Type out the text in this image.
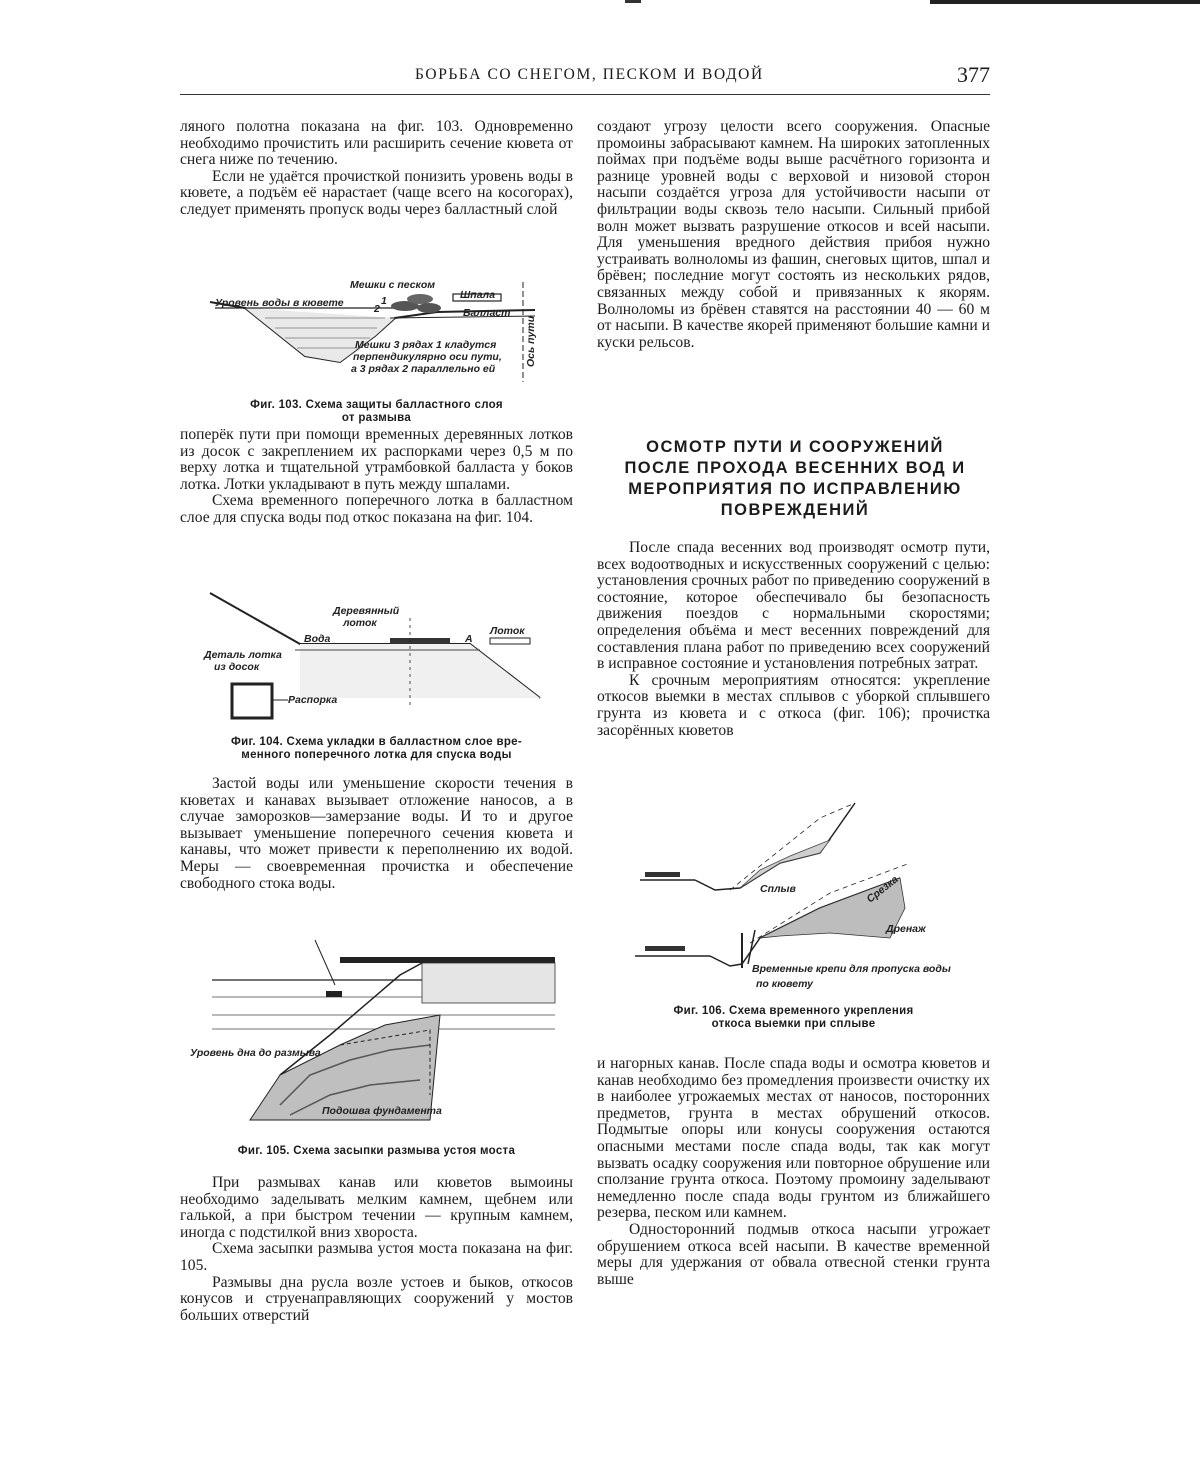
БОРЬБА СО СНЕГОМ, ПЕСКОМ И ВОДОЙ	377

ляного полотна показана на фиг. 103. Одновременно необходимо прочистить или расширить сечение кювета от снега ниже по течению.

Если не удаётся прочисткой понизить уровень воды в кювете, а подъём её нарастает (чаще всего на косогорах), следует применять пропуск воды через балластный слой

Уровень воды в кювете
Мешки с песком
Шпала
Балласт
Ось пути
1
2
Мешки 3 рядах 1 кладутся
перпендикулярно оси пути,
а 3 рядах 2 параллельно ей
Фиг. 103. Схема защиты балластного слоя
от размыва

поперёк пути при помощи временных деревянных лотков из досок с закреплением их распорками через 0,5 м по верху лотка и тщательной утрамбовкой балласта у боков лотка. Лотки укладывают в путь между шпалами.

Схема временного поперечного лотка в балластном слое для спуска воды под откос показана на фиг. 104.

Деревянный
лоток
Вода
Лоток
А
Деталь лотка
из досок
Распорка
Фиг. 104. Схема укладки в балластном слое вре-
менного поперечного лотка для спуска воды

Застой воды или уменьшение скорости течения в кюветах и канавах вызывает отложение наносов, а в случае заморозков—замерзание воды. И то и другое вызывает уменьшение поперечного сечения кювета и канавы, что может привести к переполнению их водой. Меры — своевременная прочистка и обеспечение свободного стока воды.

Уровень дна до размыва
Подошва фундамента
Фиг. 105. Схема засыпки размыва устоя моста

При размывах канав или кюветов вымоины необходимо заделывать мелким камнем, щебнем или галькой, а при быстром течении — крупным камнем, иногда с подстилкой вниз хвороста.

Схема засыпки размыва устоя моста показана на фиг. 105.

Размывы дна русла возле устоев и быков, откосов конусов и струенаправляющих сооружений у мостов больших отверстий

создают угрозу целости всего сооружения. Опасные промоины забрасывают камнем. На широких затопленных поймах при подъёме воды выше расчётного горизонта и разнице уровней воды с верховой и низовой сторон насыпи создаётся угроза для устойчивости насыпи от фильтрации воды сквозь тело насыпи. Сильный прибой волн может вызвать разрушение откосов и всей насыпи. Для уменьшения вредного действия прибоя нужно устраивать волноломы из фашин, снеговых щитов, шпал и брёвен; последние могут состоять из нескольких рядов, связанных между собой и привязанных к якорям. Волноломы из брёвен ставятся на расстоянии 40 — 60 м от насыпи. В качестве якорей применяют большие камни и куски рельсов.

ОСМОТР ПУТИ И СООРУЖЕНИЙ ПОСЛЕ ПРОХОДА ВЕСЕННИХ ВОД И МЕРОПРИЯТИЯ ПО ИСПРАВЛЕНИЮ ПОВРЕЖДЕНИЙ

После спада весенних вод производят осмотр пути, всех водоотводных и искусственных сооружений с целью: установления срочных работ по приведению сооружений в состояние, которое обеспечивало бы безопасность движения поездов с нормальными скоростями; определения объёма и мест весенних повреждений для составления плана работ по приведению всех сооружений в исправное состояние и установления потребных затрат.

К срочным мероприятиям относятся: укрепление откосов выемки в местах сплывов с уборкой сплывшего грунта из кювета и с откоса (фиг. 106); прочистка засорённых кюветов

Сплыв	Срезка
Дренаж
Временные крепи для пропуска воды
по кювету
Фиг. 106. Схема временного укрепления
откоса выемки при сплыве

и нагорных канав. После спада воды и осмотра кюветов и канав необходимо без промедления произвести очистку их в наиболее угрожаемых местах от наносов, посторонних предметов, грунта в местах обрушений откосов. Подмытые опоры или конусы сооружения остаются опасными местами после спада воды, так как могут вызвать осадку сооружения или повторное обрушение или сползание грунта откоса. Поэтому промоину заделывают немедленно после спада воды грунтом из ближайшего резерва, песком или камнем.

Односторонний подмыв откоса насыпи угрожает обрушением откоса всей насыпи. В качестве временной меры для удержания от обвала отвесной стенки грунта выше
